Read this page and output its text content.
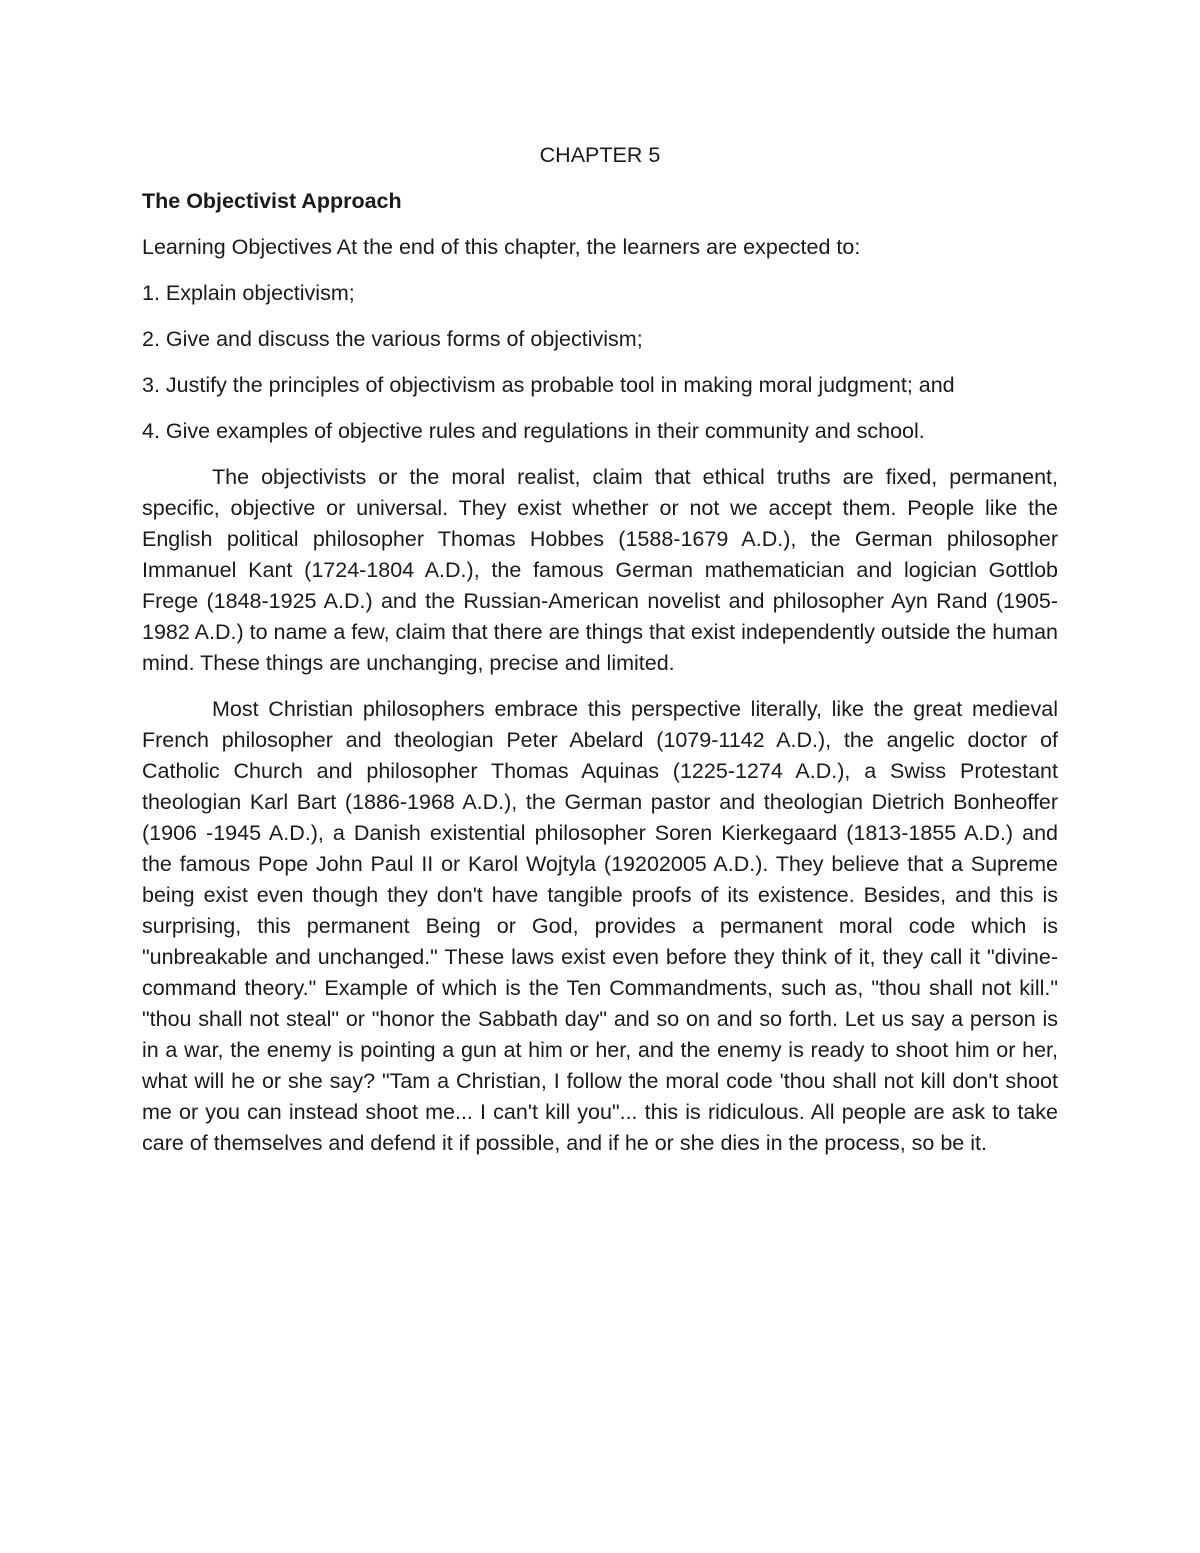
CHAPTER 5
The Objectivist Approach
Learning Objectives At the end of this chapter, the learners are expected to:
1. Explain objectivism;
2. Give and discuss the various forms of objectivism;
3. Justify the principles of objectivism as probable tool in making moral judgment; and
4. Give examples of objective rules and regulations in their community and school.

The objectivists or the moral realist, claim that ethical truths are fixed, permanent, specific, objective or universal. They exist whether or not we accept them. People like the English political philosopher Thomas Hobbes (1588-1679 A.D.), the German philosopher Immanuel Kant (1724-1804 A.D.), the famous German mathematician and logician Gottlob Frege (1848-1925 A.D.) and the Russian-American novelist and philosopher Ayn Rand (1905-1982 A.D.) to name a few, claim that there are things that exist independently outside the human mind. These things are unchanging, precise and limited.

Most Christian philosophers embrace this perspective literally, like the great medieval French philosopher and theologian Peter Abelard (1079-1142 A.D.), the angelic doctor of Catholic Church and philosopher Thomas Aquinas (1225-1274 A.D.), a Swiss Protestant theologian Karl Bart (1886-1968 A.D.), the German pastor and theologian Dietrich Bonheoffer (1906 -1945 A.D.), a Danish existential philosopher Soren Kierkegaard (1813-1855 A.D.) and the famous Pope John Paul II or Karol Wojtyla (19202005 A.D.). They believe that a Supreme being exist even though they don't have tangible proofs of its existence. Besides, and this is surprising, this permanent Being or God, provides a permanent moral code which is "unbreakable and unchanged." These laws exist even before they think of it, they call it "divine-command theory." Example of which is the Ten Commandments, such as, "thou shall not kill." "thou shall not steal" or "honor the Sabbath day" and so on and so forth. Let us say a person is in a war, the enemy is pointing a gun at him or her, and the enemy is ready to shoot him or her, what will he or she say? "Tam a Christian, I follow the moral code 'thou shall not kill don't shoot me or you can instead shoot me... I can't kill you"... this is ridiculous. All people are ask to take care of themselves and defend it if possible, and if he or she dies in the process, so be it.
